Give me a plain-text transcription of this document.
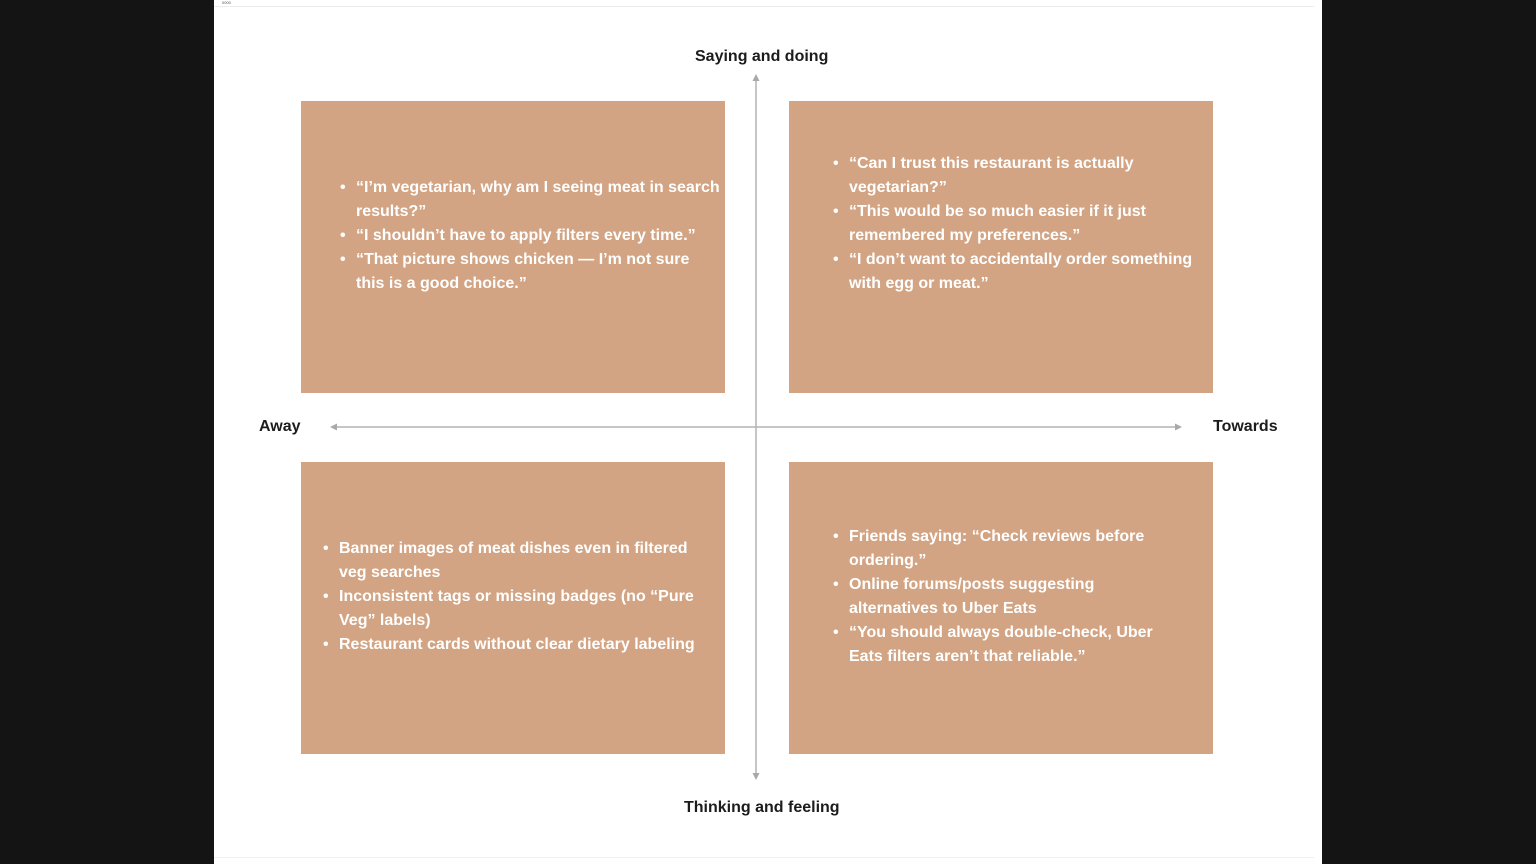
0000
Saying and doing
Thinking and feeling
Away	Towards
• “I’m vegetarian, why am I seeing meat in search results?”
• “I shouldn’t have to apply filters every time.”
• “That picture shows chicken — I’m not sure this is a good choice.”
• “Can I trust this restaurant is actually vegetarian?”
• “This would be so much easier if it just remembered my preferences.”
• “I don’t want to accidentally order something with egg or meat.”
• Banner images of meat dishes even in filtered veg searches
• Inconsistent tags or missing badges (no “Pure Veg” labels)
• Restaurant cards without clear dietary labeling
• Friends saying: “Check reviews before ordering.”
• Online forums/posts suggesting alternatives to Uber Eats
• “You should always double-check, Uber Eats filters aren’t that reliable.”
